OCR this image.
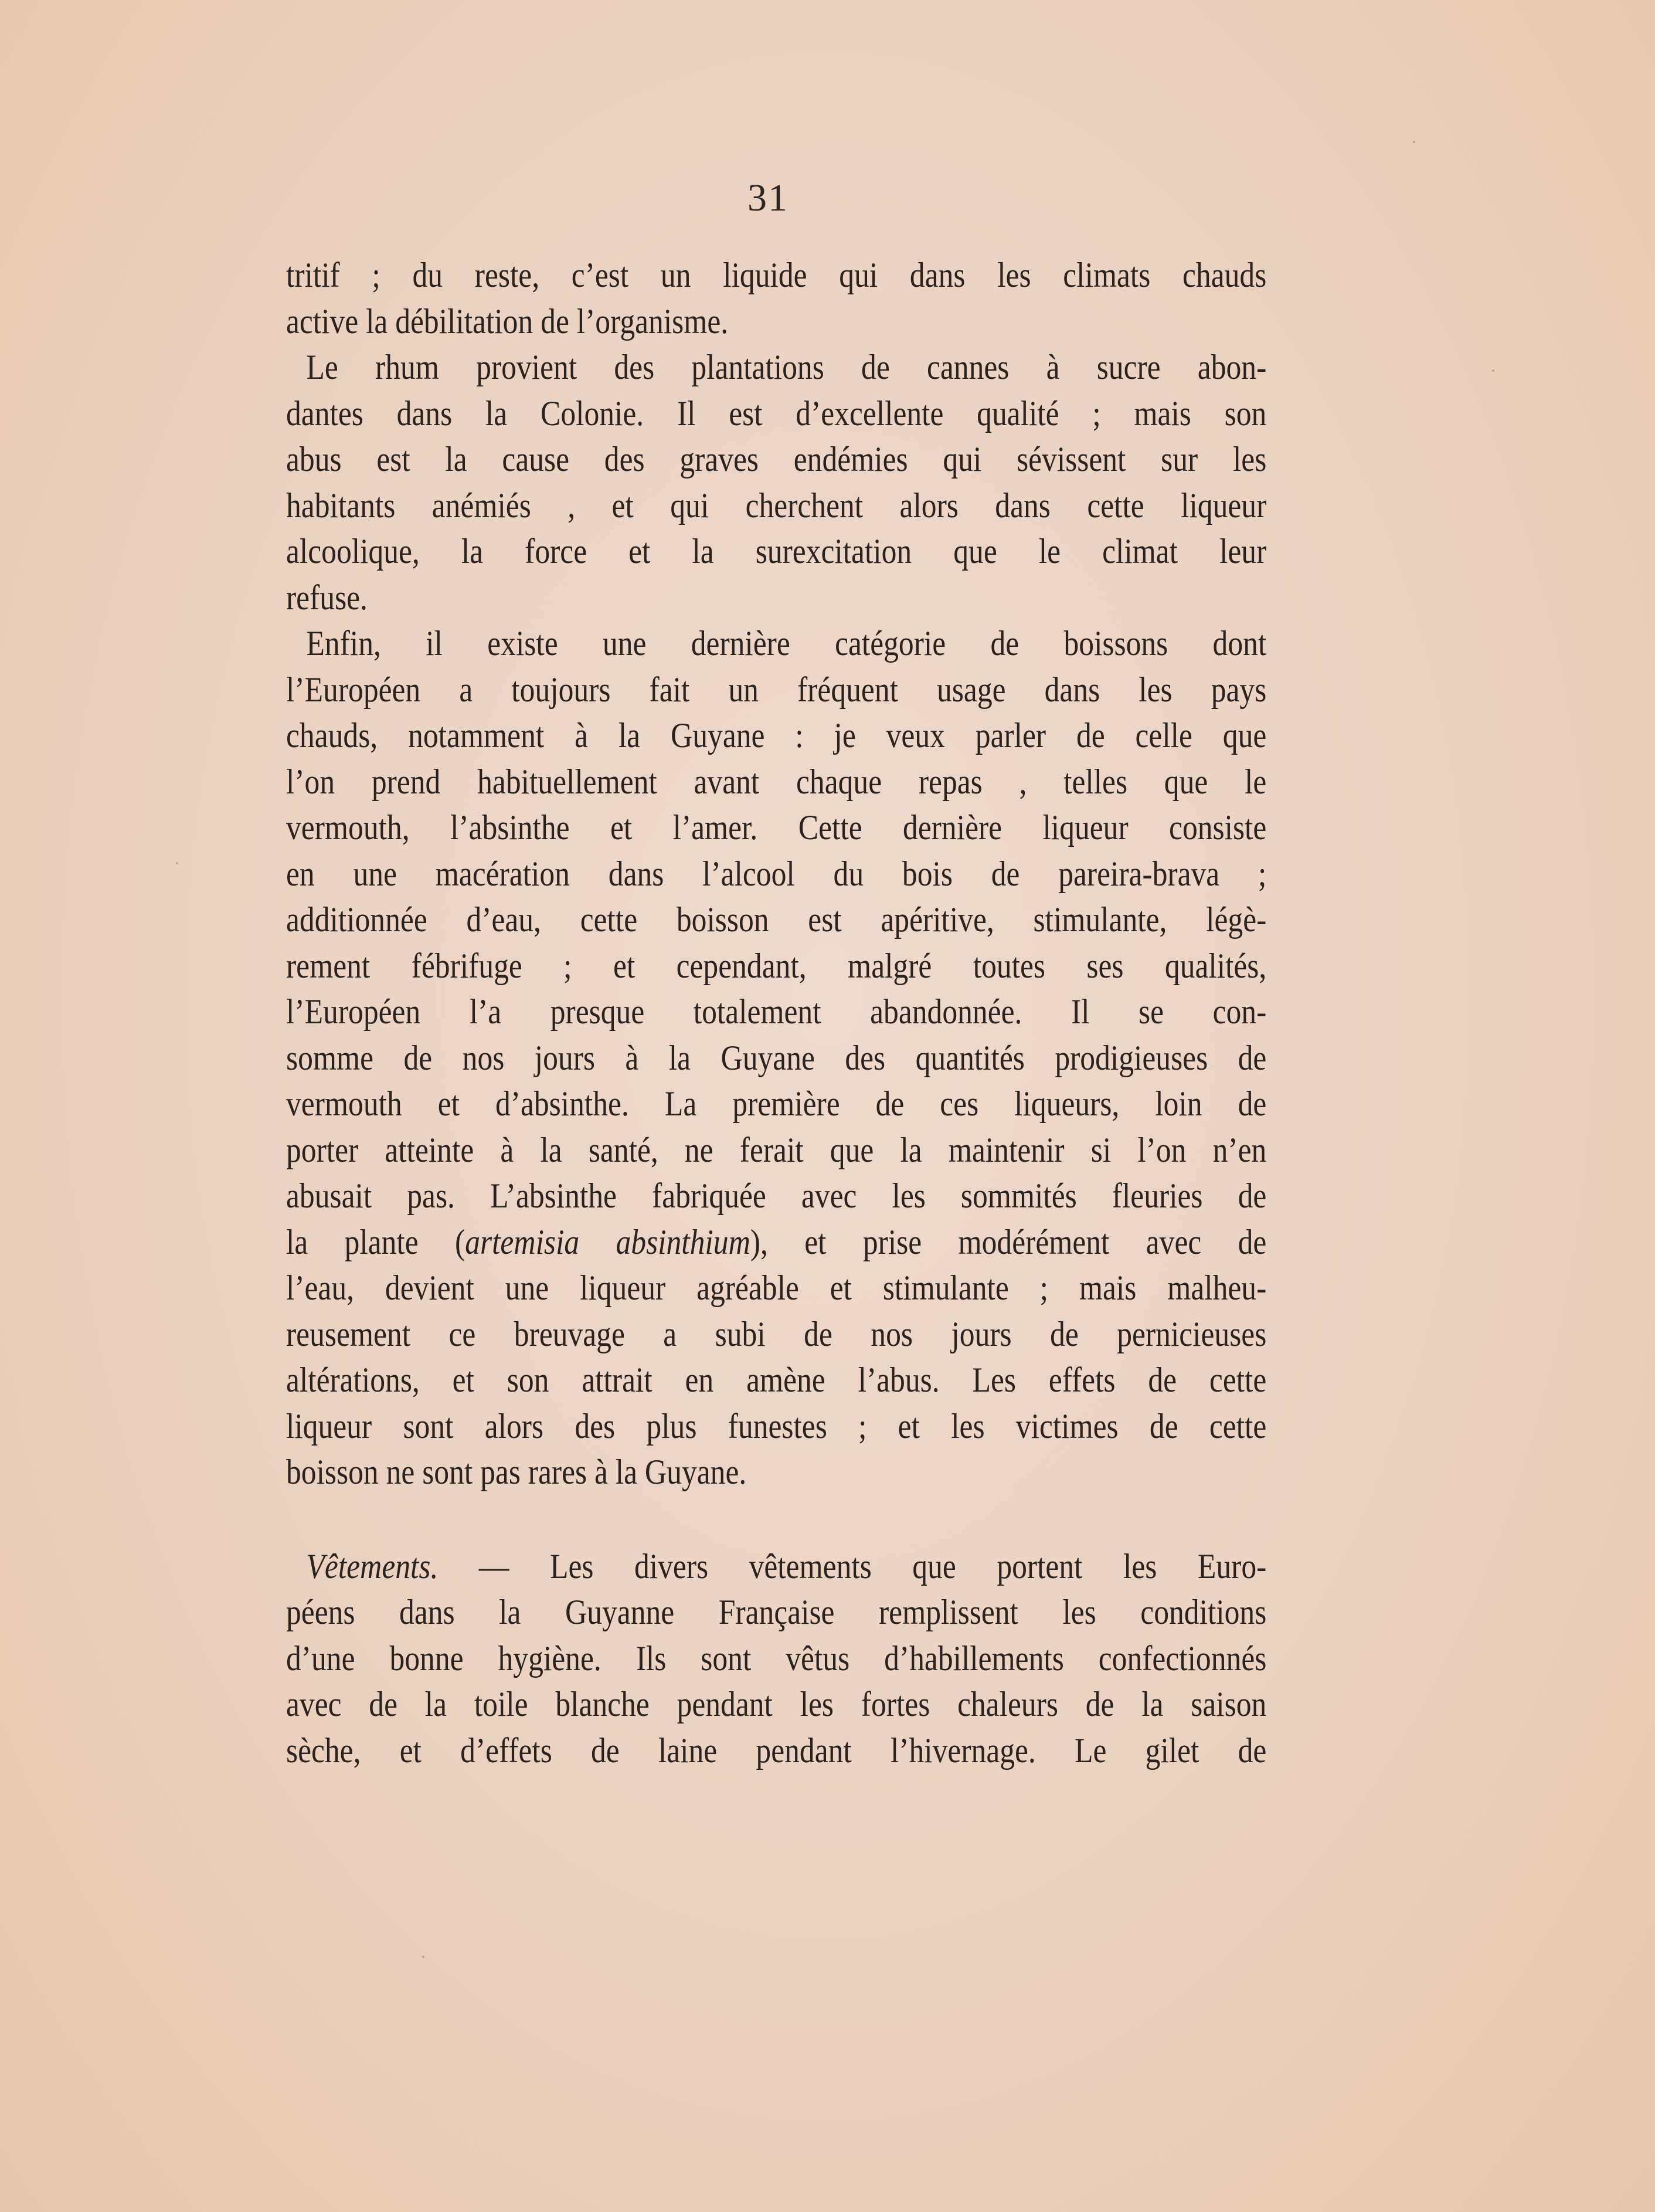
31
tritif ; du reste, c’est un liquide qui dans les climats chauds
active la débilitation de l’organisme.
Le rhum provient des plantations de cannes à sucre abon-
dantes dans la Colonie. Il est d’excellente qualité ; mais son
abus est la cause des graves endémies qui sévissent sur les
habitants anémiés , et qui cherchent alors dans cette liqueur
alcoolique, la force et la surexcitation que le climat leur
refuse.
Enfin, il existe une dernière catégorie de boissons dont
l’Européen a toujours fait un fréquent usage dans les pays
chauds, notamment à la Guyane : je veux parler de celle que
l’on prend habituellement avant chaque repas , telles que le
vermouth, l’absinthe et l’amer. Cette dernière liqueur consiste
en une macération dans l’alcool du bois de pareira-brava ;
additionnée d’eau, cette boisson est apéritive, stimulante, légè-
rement fébrifuge ; et cependant, malgré toutes ses qualités,
l’Européen l’a presque totalement abandonnée. Il se con-
somme de nos jours à la Guyane des quantités prodigieuses de
vermouth et d’absinthe. La première de ces liqueurs, loin de
porter atteinte à la santé, ne ferait que la maintenir si l’on n’en
abusait pas. L’absinthe fabriquée avec les sommités fleuries de
la plante (artemisia absinthium), et prise modérément avec de
l’eau, devient une liqueur agréable et stimulante ; mais malheu-
reusement ce breuvage a subi de nos jours de pernicieuses
altérations, et son attrait en amène l’abus. Les effets de cette
liqueur sont alors des plus funestes ; et les victimes de cette
boisson ne sont pas rares à la Guyane.
Vêtements. — Les divers vêtements que portent les Euro-
péens dans la Guyanne Française remplissent les conditions
d’une bonne hygiène. Ils sont vêtus d’habillements confectionnés
avec de la toile blanche pendant les fortes chaleurs de la saison
sèche, et d’effets de laine pendant l’hivernage. Le gilet de
